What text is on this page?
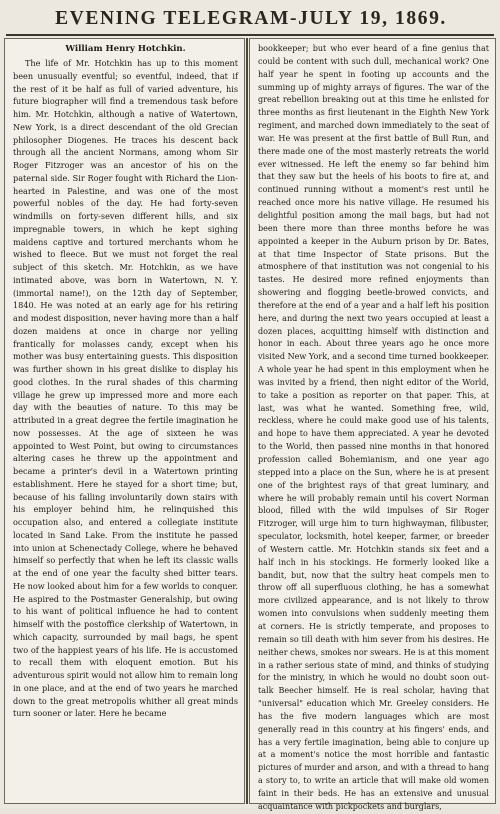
EVENING TELEGRAM-JULY 19, 1869.
William Henry Hotchkin.

The life of Mr. Hotchkin has up to this moment been unusually eventful; so eventful, indeed, that if the rest of it be half as full of varied adventure, his future biographer will find a tremendous task before him. Mr. Hotchkin, although a native of Watertown, New York, is a direct descendant of the old Grecian philosopher Diogenes. He traces his descent back through all the ancient Normans, among whom Sir Roger Fitzroger was an ancestor of his on the paternal side. Sir Roger fought with Richard the Lion-hearted in Palestine, and was one of the most powerful nobles of the day. He had forty-seven windmills on forty-seven different hills, and six impregnable towers, in which he kept sighing maidens captive and tortured merchants whom he wished to fleece. But we must not forget the real subject of this sketch. Mr. Hotchkin, as we have intimated above, was born in Watertown, N. Y. (immortal name!), on the 12th day of September, 1840. He was noted at an early age for his retiring and modest disposition, never having more than a half dozen maidens at once in charge nor yelling frantically for molasses candy, except when his mother was busy entertaining guests. This disposition was further shown in his great dislike to display his good clothes. In the rural shades of this charming village he grew up impressed more and more each day with the beauties of nature. To this may be attributed in a great degree the fertile imagination he now possesses. At the age of sixteen he was appointed to West Point, but owing to circumstances altering cases he threw up the appointment and became a printer's devil in a Watertown printing establishment. Here he stayed for a short time; but, because of his falling involuntarily down stairs with his employer behind him, he relinquished this occupation also, and entered a collegiate institute located in Sand Lake. From the institute he passed into union at Schenectady College, where he behaved himself so perfectly that when he left its classic walls at the end of one year the faculty shed bitter tears. He now looked about him for a few worlds to conquer. He aspired to the Postmaster Generalship, but owing to his want of political influence he had to content himself with the postoffice clerkship of Watertown, in which capacity, surrounded by mail bags, he spent two of the happiest years of his life. He is accustomed to recall them with eloquent emotion. But his adventurous spirit would not allow him to remain long in one place, and at the end of two years he marched down to the great metropolis whither all great minds turn sooner or later. Here he became

bookkeeper; but who ever heard of a fine genius that could be content with such dull, mechanical work? One half year he spent in footing up accounts and the summing up of mighty arrays of figures. The war of the great rebellion breaking out at this time he enlisted for three months as first lieutenant in the Eighth New York regiment, and marched down immediately to the seat of war. He was present at the first battle of Bull Run, and there made one of the most masterly retreats the world ever witnessed. He left the enemy so far behind him that they saw but the heels of his boots to fire at, and continued running without a moment's rest until he reached once more his native village. He resumed his delightful position among the mail bags, but had not been there more than three months before he was appointed a keeper in the Auburn prison by Dr. Bates, at that time Inspector of State prisons. But the atmosphere of that institution was not congenial to his tastes. He desired more refined enjoyments than showering and flogging beetle-browed convicts, and therefore at the end of a year and a half left his position here, and during the next two years occupied at least a dozen places, acquitting himself with distinction and honor in each. About three years ago he once more visited New York, and a second time turned bookkeeper. A whole year he had spent in this employment when he was invited by a friend, then night editor of the World, to take a position as reporter on that paper. This, at last, was what he wanted. Something free, wild, reckless, where he could make good use of his talents, and hope to have them appreciated. A year he devoted to the World, then passed nine months in that honored profession called Bohemianism, and one year ago stepped into a place on the Sun, where he is at present one of the brightest rays of that great luminary, and where he will probably remain until his covert Norman blood, filled with the wild impulses of Sir Roger Fitzroger, will urge him to turn highwayman, filibuster, speculator, locksmith, hotel keeper, farmer, or breeder of Western cattle. Mr. Hotchkin stands six feet and a half inch in his stockings. He formerly looked like a bandit, but, now that the sultry heat compels men to throw off all superfluous clothing, he has a somewhat more civilized appearance, and is not likely to throw women into convulsions when suddenly meeting them at corners. He is strictly temperate, and proposes to remain so till death with him sever from his desires. He neither chews, smokes nor swears. He is at this moment in a rather serious state of mind, and thinks of studying for the ministry, in which he would no doubt soon out-talk Beecher himself. He is real scholar, having that "universal" education which Mr. Greeley considers. He has the five modern languages which are most generally read in this country at his fingers' ends, and has a very fertile imagination, being able to conjure up at a moment's notice the most horrible and fantastic pictures of murder and arson, and with a thread to hang a story to, to write an article that will make old women faint in their beds. He has an extensive and unusual acquaintance with pickpockets and burglars,
